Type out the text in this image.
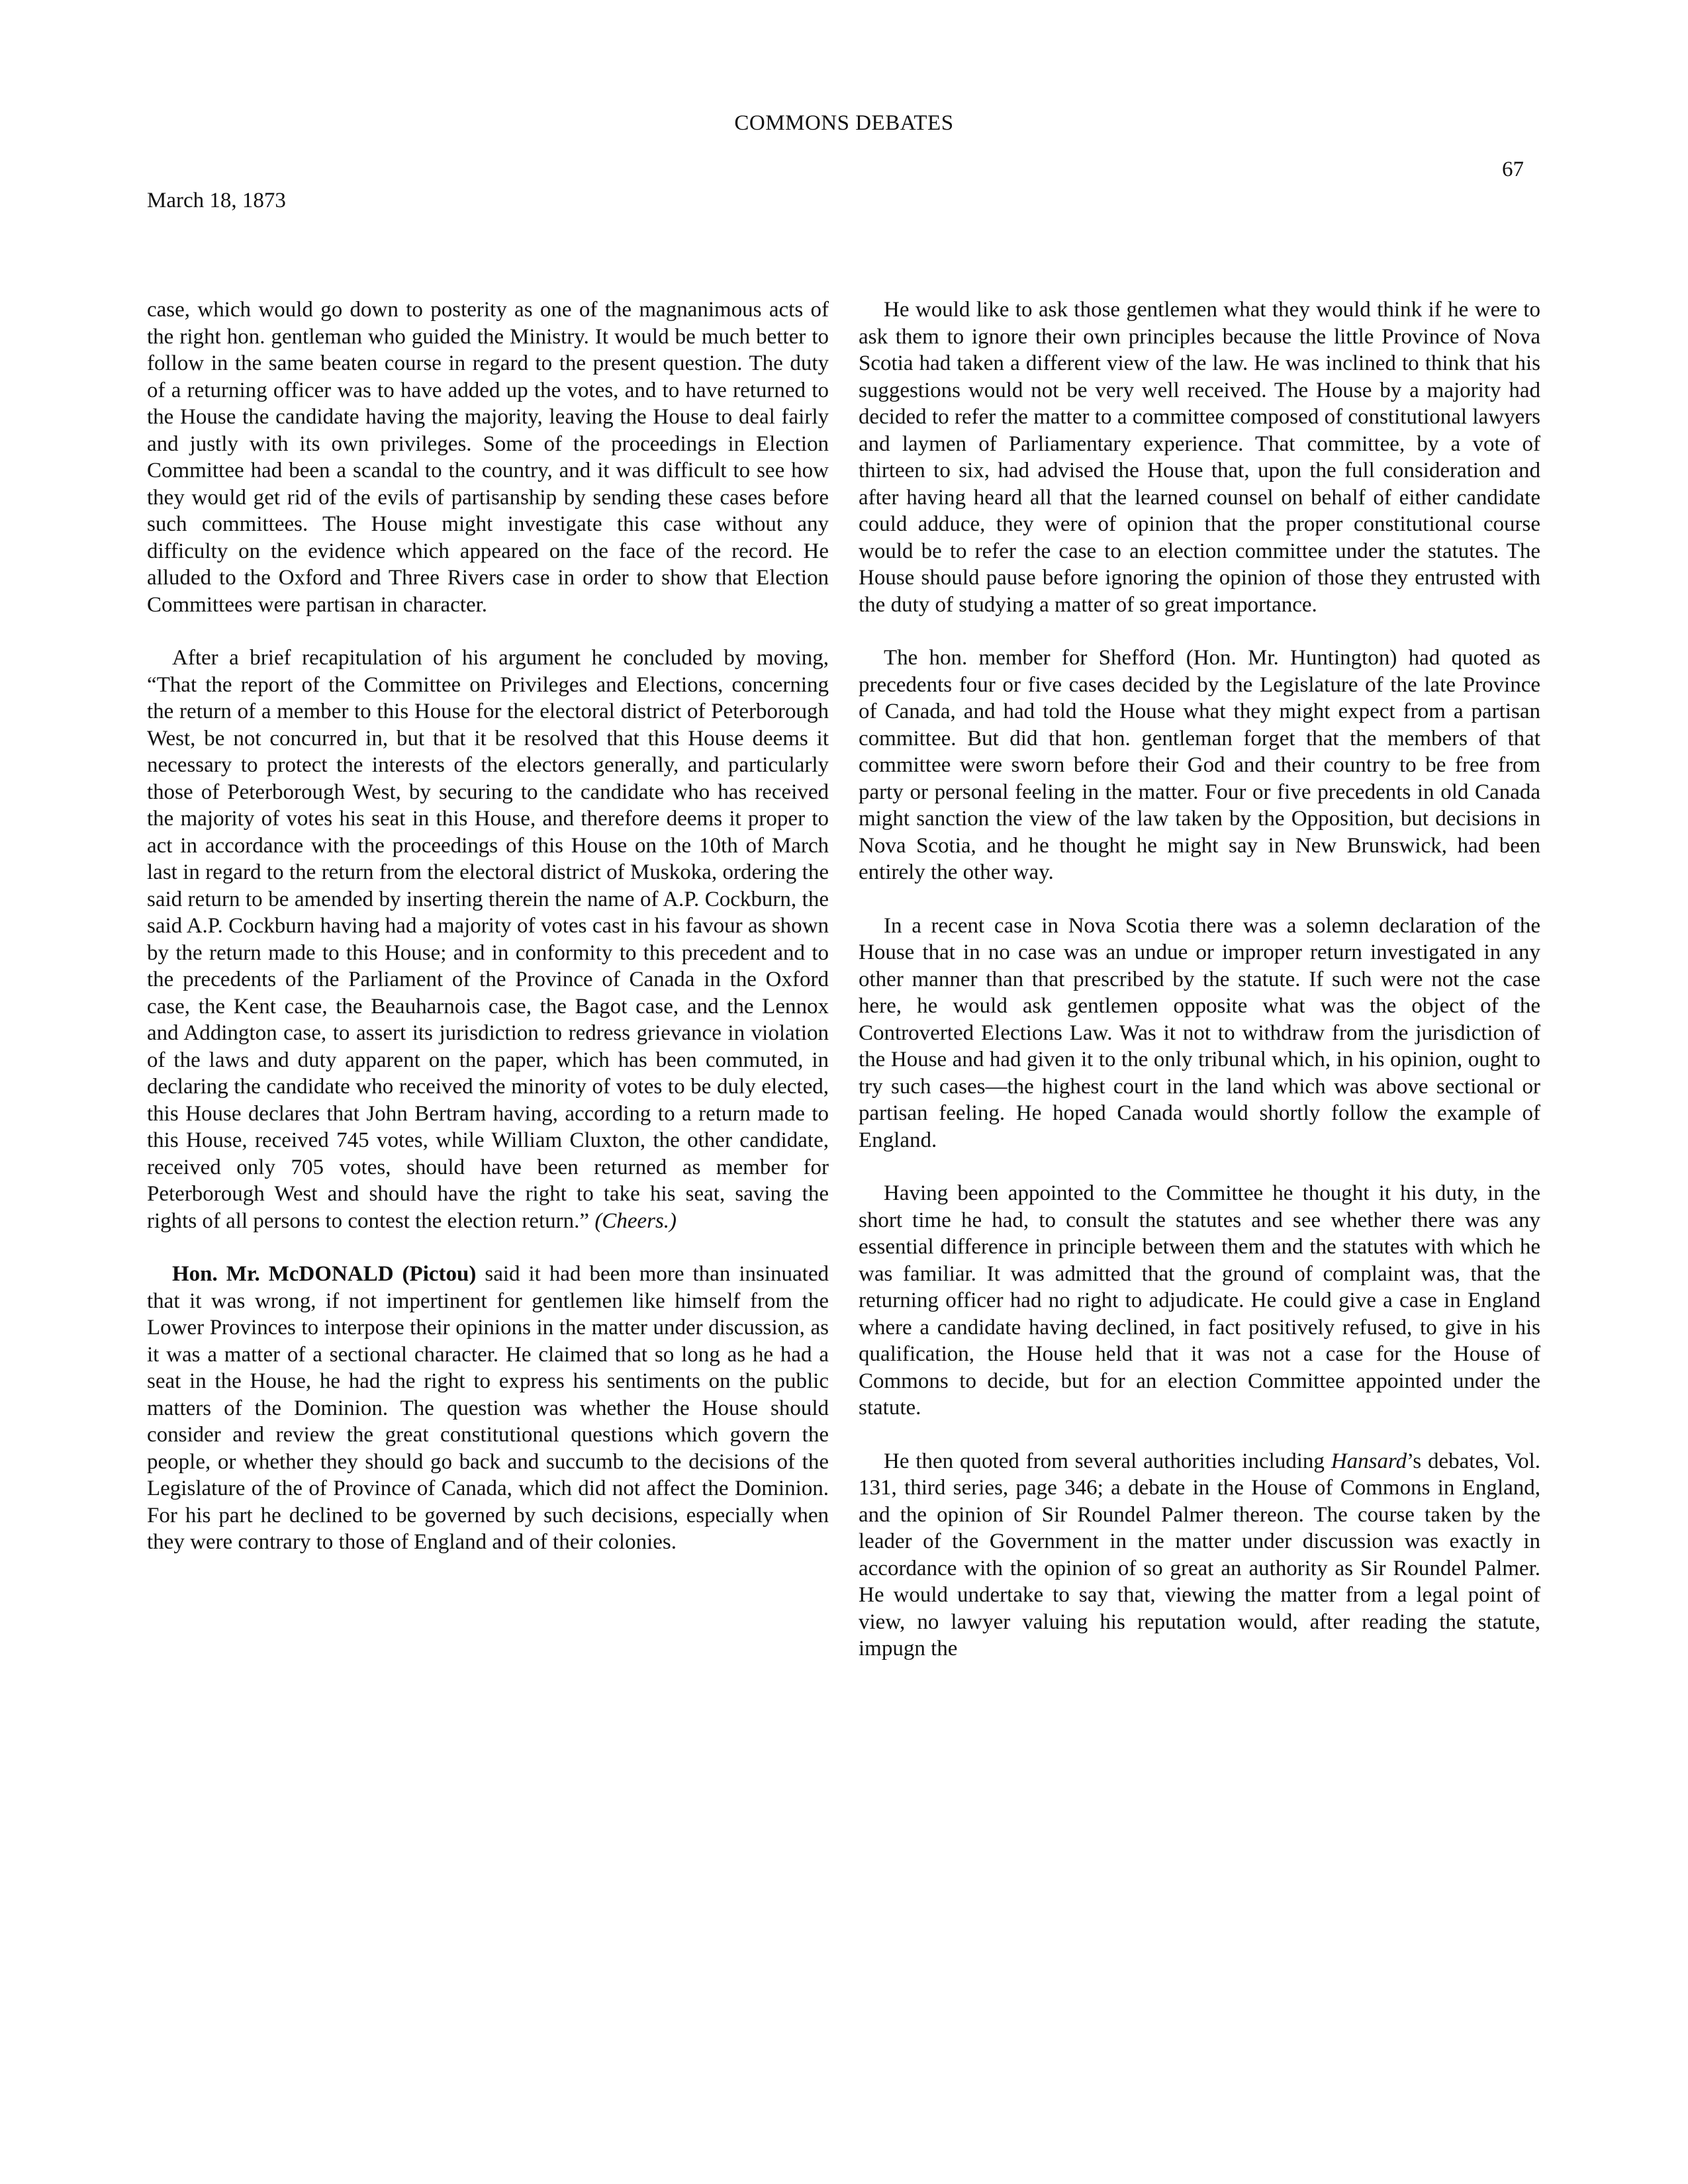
COMMONS DEBATES
67
March 18, 1873

case, which would go down to posterity as one of the magnanimous acts of the right hon. gentleman who guided the Ministry. It would be much better to follow in the same beaten course in regard to the present question. The duty of a returning officer was to have added up the votes, and to have returned to the House the candidate having the majority, leaving the House to deal fairly and justly with its own privileges. Some of the proceedings in Election Committee had been a scandal to the country, and it was difficult to see how they would get rid of the evils of partisanship by sending these cases before such committees. The House might investigate this case without any difficulty on the evidence which appeared on the face of the record. He alluded to the Oxford and Three Rivers case in order to show that Election Committees were partisan in character.

After a brief recapitulation of his argument he concluded by moving, “That the report of the Committee on Privileges and Elections, concerning the return of a member to this House for the electoral district of Peterborough West, be not concurred in, but that it be resolved that this House deems it necessary to protect the interests of the electors generally, and particularly those of Peterborough West, by securing to the candidate who has received the majority of votes his seat in this House, and therefore deems it proper to act in accordance with the proceedings of this House on the 10th of March last in regard to the return from the electoral district of Muskoka, ordering the said return to be amended by inserting therein the name of A.P. Cockburn, the said A.P. Cockburn having had a majority of votes cast in his favour as shown by the return made to this House; and in conformity to this precedent and to the precedents of the Parliament of the Province of Canada in the Oxford case, the Kent case, the Beauharnois case, the Bagot case, and the Lennox and Addington case, to assert its jurisdiction to redress grievance in violation of the laws and duty apparent on the paper, which has been commuted, in declaring the candidate who received the minority of votes to be duly elected, this House declares that John Bertram having, according to a return made to this House, received 745 votes, while William Cluxton, the other candidate, received only 705 votes, should have been returned as member for Peterborough West and should have the right to take his seat, saving the rights of all persons to contest the election return.” (Cheers.)

Hon. Mr. McDONALD (Pictou) said it had been more than insinuated that it was wrong, if not impertinent for gentlemen like himself from the Lower Provinces to interpose their opinions in the matter under discussion, as it was a matter of a sectional character. He claimed that so long as he had a seat in the House, he had the right to express his sentiments on the public matters of the Dominion. The question was whether the House should consider and review the great constitutional questions which govern the people, or whether they should go back and succumb to the decisions of the Legislature of the of Province of Canada, which did not affect the Dominion. For his part he declined to be governed by such decisions, especially when they were contrary to those of England and of their colonies.

He would like to ask those gentlemen what they would think if he were to ask them to ignore their own principles because the little Province of Nova Scotia had taken a different view of the law. He was inclined to think that his suggestions would not be very well received. The House by a majority had decided to refer the matter to a committee composed of constitutional lawyers and laymen of Parliamentary experience. That committee, by a vote of thirteen to six, had advised the House that, upon the full consideration and after having heard all that the learned counsel on behalf of either candidate could adduce, they were of opinion that the proper constitutional course would be to refer the case to an election committee under the statutes. The House should pause before ignoring the opinion of those they entrusted with the duty of studying a matter of so great importance.

The hon. member for Shefford (Hon. Mr. Huntington) had quoted as precedents four or five cases decided by the Legislature of the late Province of Canada, and had told the House what they might expect from a partisan committee. But did that hon. gentleman forget that the members of that committee were sworn before their God and their country to be free from party or personal feeling in the matter. Four or five precedents in old Canada might sanction the view of the law taken by the Opposition, but decisions in Nova Scotia, and he thought he might say in New Brunswick, had been entirely the other way.

In a recent case in Nova Scotia there was a solemn declaration of the House that in no case was an undue or improper return investigated in any other manner than that prescribed by the statute. If such were not the case here, he would ask gentlemen opposite what was the object of the Controverted Elections Law. Was it not to withdraw from the jurisdiction of the House and had given it to the only tribunal which, in his opinion, ought to try such cases—the highest court in the land which was above sectional or partisan feeling. He hoped Canada would shortly follow the example of England.

Having been appointed to the Committee he thought it his duty, in the short time he had, to consult the statutes and see whether there was any essential difference in principle between them and the statutes with which he was familiar. It was admitted that the ground of complaint was, that the returning officer had no right to adjudicate. He could give a case in England where a candidate having declined, in fact positively refused, to give in his qualification, the House held that it was not a case for the House of Commons to decide, but for an election Committee appointed under the statute.

He then quoted from several authorities including Hansard’s debates, Vol. 131, third series, page 346; a debate in the House of Commons in England, and the opinion of Sir Roundel Palmer thereon. The course taken by the leader of the Government in the matter under discussion was exactly in accordance with the opinion of so great an authority as Sir Roundel Palmer. He would undertake to say that, viewing the matter from a legal point of view, no lawyer valuing his reputation would, after reading the statute, impugn the
